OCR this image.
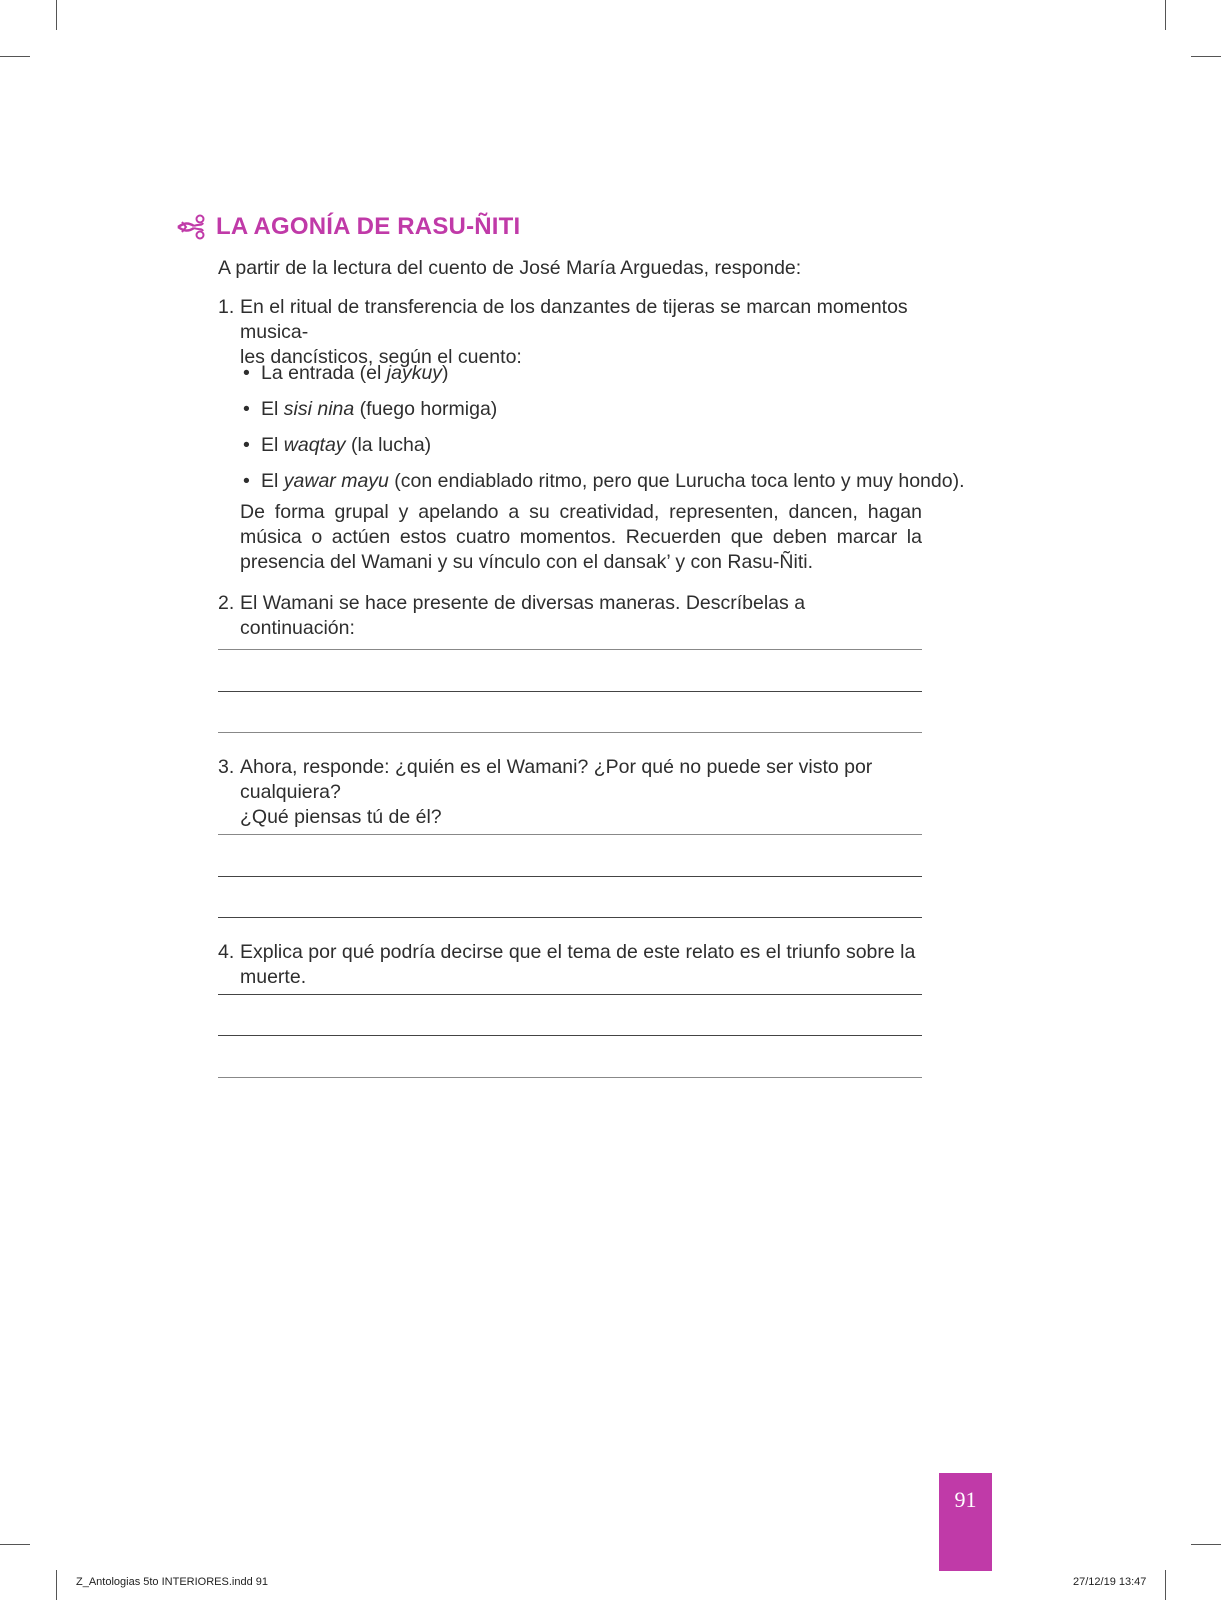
LA AGONÍA DE RASU-ÑITI
A partir de la lectura del cuento de José María Arguedas, responde:
1. En el ritual de transferencia de los danzantes de tijeras se marcan momentos musica-
les dancísticos, según el cuento:
• La entrada (el jaykuy)
• El sisi nina (fuego hormiga)
• El waqtay (la lucha)
• El yawar mayu (con endiablado ritmo, pero que Lurucha toca lento y muy hondo).
De forma grupal y apelando a su creatividad, representen, dancen, hagan música o actúen estos cuatro momentos. Recuerden que deben marcar la presencia del Wamani y su vínculo con el dansak’ y con Rasu-Ñiti.
2. El Wamani se hace presente de diversas maneras. Descríbelas a continuación:
3. Ahora, responde: ¿quién es el Wamani? ¿Por qué no puede ser visto por cualquiera?
¿Qué piensas tú de él?
4. Explica por qué podría decirse que el tema de este relato es el triunfo sobre la muerte.
91
Z_Antologias 5to INTERIORES.indd 91	27/12/19 13:47
